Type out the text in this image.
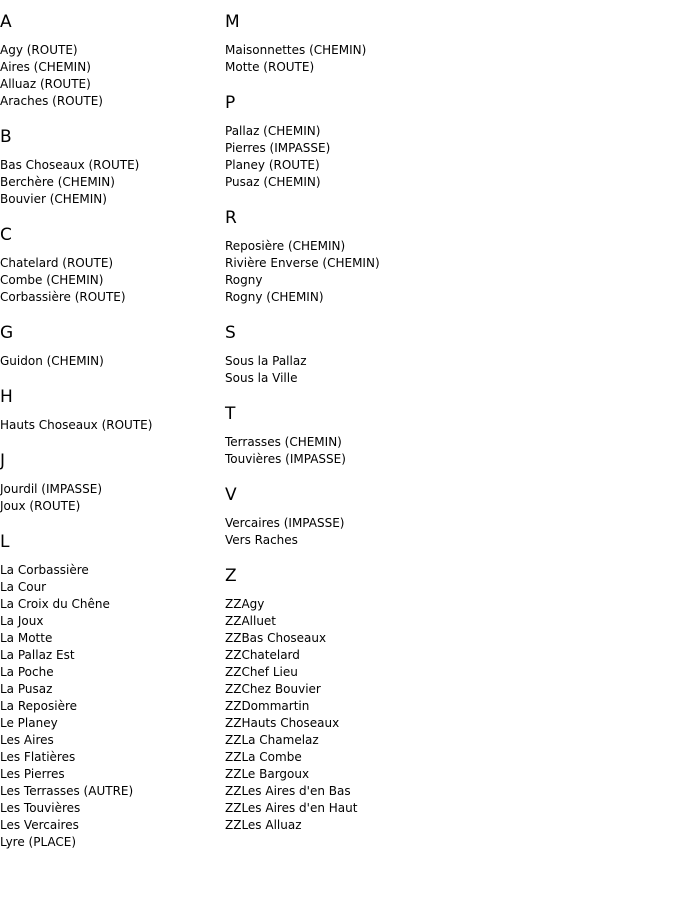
A
Agy (ROUTE)
Aires (CHEMIN)
Alluaz (ROUTE)
Araches (ROUTE)
B
Bas Choseaux (ROUTE)
Berchère (CHEMIN)
Bouvier (CHEMIN)
C
Chatelard (ROUTE)
Combe (CHEMIN)
Corbassière (ROUTE)
G
Guidon (CHEMIN)
H
Hauts Choseaux (ROUTE)
J
Jourdil (IMPASSE)
Joux (ROUTE)
L
La Corbassière
La Cour
La Croix du Chêne
La Joux
La Motte
La Pallaz Est
La Poche
La Pusaz
La Reposière
Le Planey
Les Aires
Les Flatières
Les Pierres
Les Terrasses (AUTRE)
Les Touvières
Les Vercaires
Lyre (PLACE)
M
Maisonnettes (CHEMIN)
Motte (ROUTE)
P
Pallaz (CHEMIN)
Pierres (IMPASSE)
Planey (ROUTE)
Pusaz (CHEMIN)
R
Reposière (CHEMIN)
Rivière Enverse (CHEMIN)
Rogny
Rogny (CHEMIN)
S
Sous la Pallaz
Sous la Ville
T
Terrasses (CHEMIN)
Touvières (IMPASSE)
V
Vercaires (IMPASSE)
Vers Raches
Z
ZZAgy
ZZAlluet
ZZBas Choseaux
ZZChatelard
ZZChef Lieu
ZZChez Bouvier
ZZDommartin
ZZHauts Choseaux
ZZLa Chamelaz
ZZLa Combe
ZZLe Bargoux
ZZLes Aires d'en Bas
ZZLes Aires d'en Haut
ZZLes Alluaz
